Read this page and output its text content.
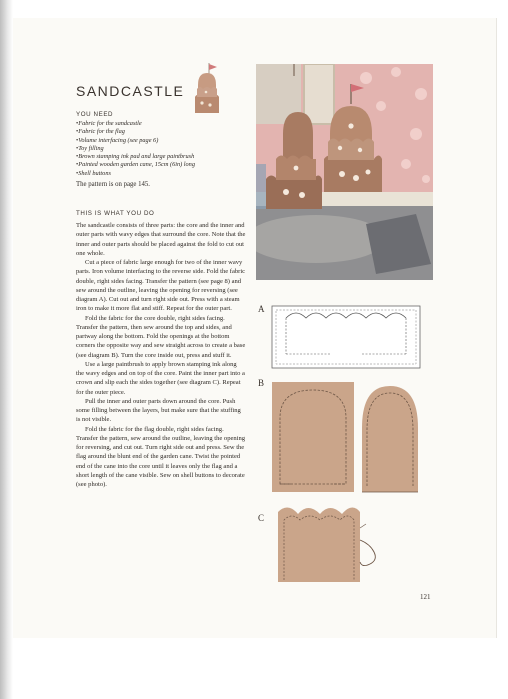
SANDCASTLE
YOU NEED
• Fabric for the sandcastle
• Fabric for the flag
• Volume interfacing (see page 6)
• Toy filling
• Brown stamping ink pad and large paintbrush
• Painted wooden garden cane, 15cm (6in) long
• Shell buttons
The pattern is on page 145.
THIS IS WHAT YOU DO

The sandcastle consists of three parts: the core and the inner and outer parts with wavy edges that surround the core. Note that the inner and outer parts should be placed against the fold to cut out one whole.

Cut a piece of fabric large enough for two of the inner wavy parts. Iron volume interfacing to the reverse side. Fold the fabric double, right sides facing. Transfer the pattern (see page 8) and sew around the outline, leaving the opening for reversing (see diagram A). Cut out and turn right side out. Press with a steam iron to make it more flat and stiff. Repeat for the outer part.

Fold the fabric for the core double, right sides facing. Transfer the pattern, then sew around the top and sides, and partway along the bottom. Fold the openings at the bottom corners the opposite way and sew straight across to create a base (see diagram B). Turn the core inside out, press and stuff it.

Use a large paintbrush to apply brown stamping ink along the wavy edges and on top of the core. Paint the inner part into a crown and slip each the sides together (see diagram C). Repeat for the outer piece.

Pull the inner and outer parts down around the core. Push some filling between the layers, but make sure that the stuffing is not visible.

Fold the fabric for the flag double, right sides facing. Transfer the pattern, sew around the outline, leaving the opening for reversing, and cut out. Turn right side out and press. Sew the flag around the blunt end of the garden cane. Twist the pointed end of the cane into the core until it leaves only the flag and a short length of the cane visible. Sew on shell buttons to decorate (see photo).

A
B
C
121
